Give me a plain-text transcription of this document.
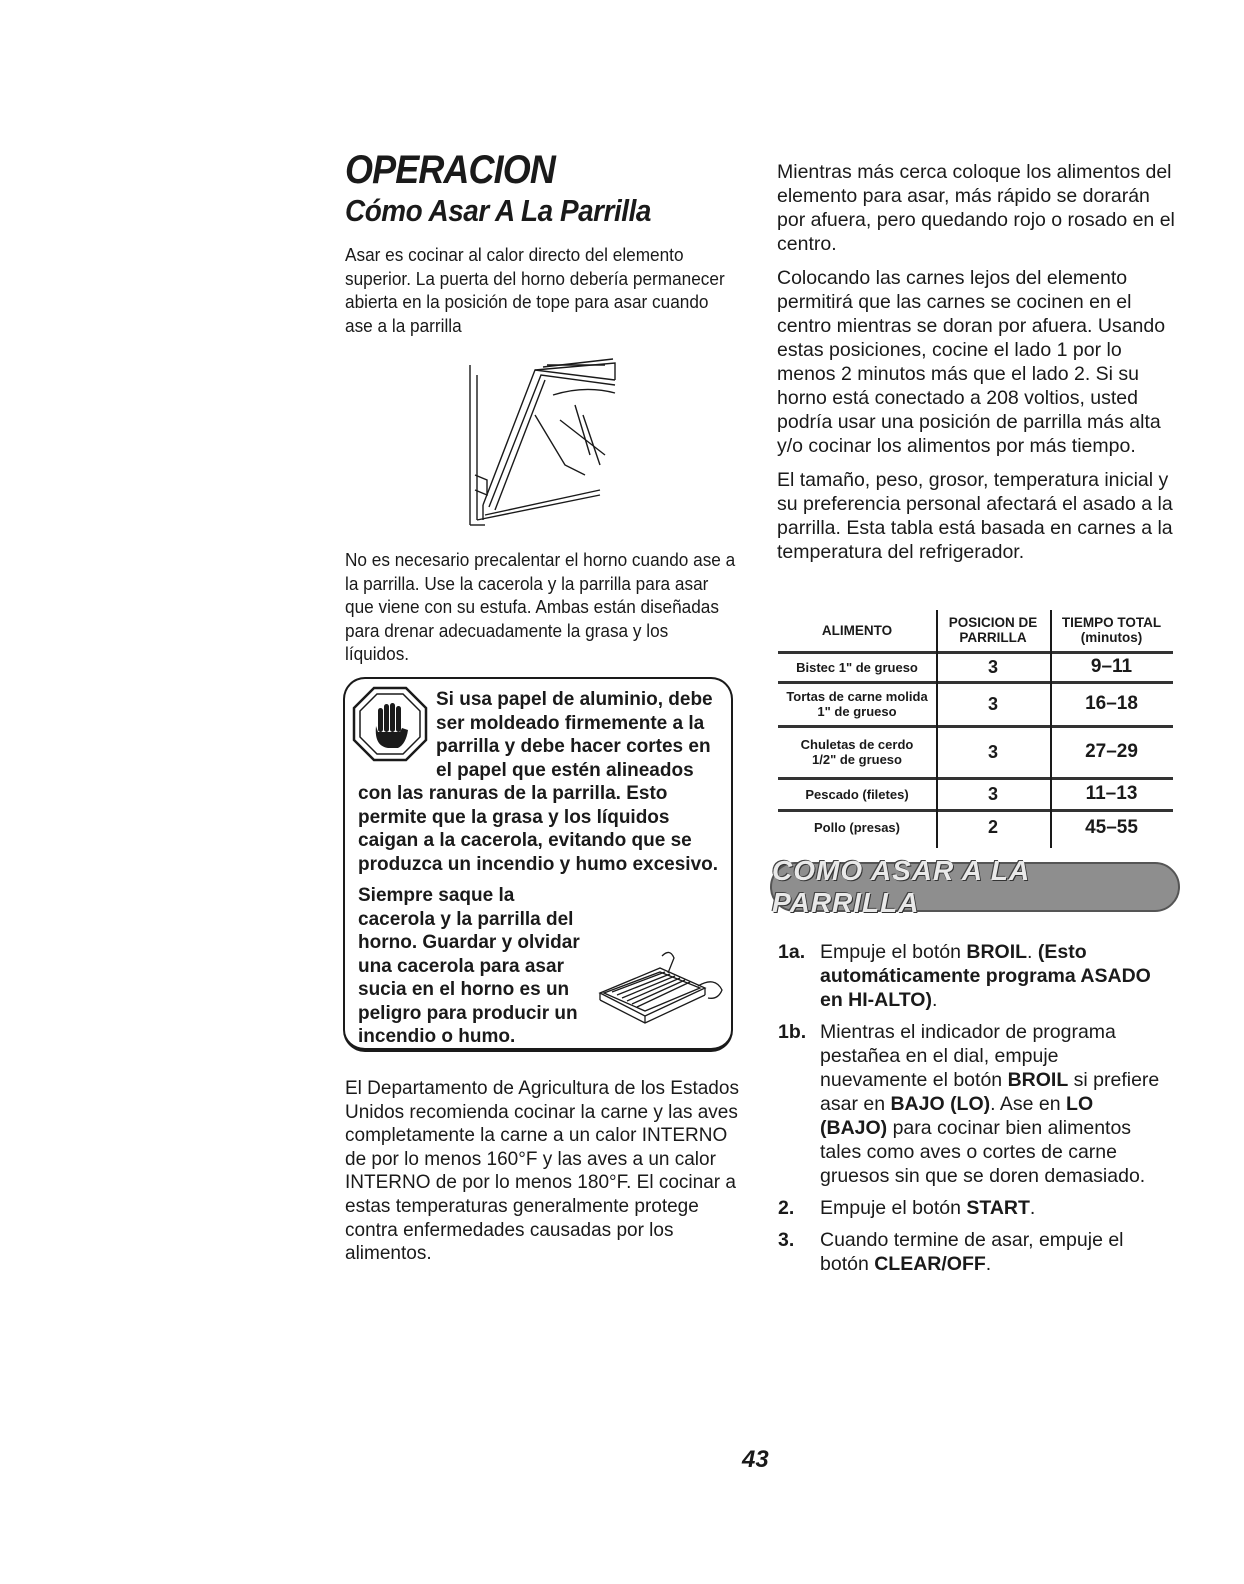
OPERACION
Cómo Asar A La Parrilla

Asar es cocinar al calor directo del elemento superior. La puerta del horno debería permanecer abierta en la posición de tope para asar cuando ase a la parrilla

No es necesario precalentar el horno cuando ase a la parrilla. Use la cacerola y la parrilla para asar que viene con su estufa. Ambas están diseñadas para drenar adecuadamente la grasa y los líquidos.

Si usa papel de aluminio, debe ser moldeado firmemente a la parrilla y debe hacer cortes en el papel que estén alineados con las ranuras de la parrilla. Esto permite que la grasa y los líquidos caigan a la cacerola, evitando que se produzca un incendio y humo excesivo.

Siempre saque la cacerola y la parrilla del horno. Guardar y olvidar una cacerola para asar sucia en el horno es un peligro para producir un incendio o humo.

El Departamento de Agricultura de los Estados Unidos recomienda cocinar la carne y las aves completamente la carne a un calor INTERNO de por lo menos 160°F y las aves a un calor INTERNO de por lo menos 180°F. El cocinar a estas temperaturas generalmente protege contra enfermedades causadas por los alimentos.

Mientras más cerca coloque los alimentos del elemento para asar, más rápido se dorarán por afuera, pero quedando rojo o rosado en el centro.

Colocando las carnes lejos del elemento permitirá que las carnes se cocinen en el centro mientras se doran por afuera. Usando estas posiciones, cocine el lado 1 por lo menos 2 minutos más que el lado 2. Si su horno está conectado a 208 voltios, usted podría usar una posición de parrilla más alta y/o cocinar los alimentos por más tiempo.

El tamaño, peso, grosor, temperatura inicial y su preferencia personal afectará el asado a la parrilla. Esta tabla está basada en carnes a la temperatura del refrigerador.

ALIMENTO	POSICION DE PARRILLA	TIEMPO TOTAL (minutos)
Bistec 1" de grueso	3	9–11
Tortas de carne molida 1" de grueso	3	16–18
Chuletas de cerdo 1/2" de grueso	3	27–29
Pescado (filetes)	3	11–13
Pollo (presas)	2	45–55
COMO ASAR A LA PARRILLA
1a. Empuje el botón BROIL. (Esto automáticamente programa ASADO en HI-ALTO).
1b. Mientras el indicador de programa pestañea en el dial, empuje nuevamente el botón BROIL si prefiere asar en BAJO (LO). Ase en LO (BAJO) para cocinar bien alimentos tales como aves o cortes de carne gruesos sin que se doren demasiado.
2. Empuje el botón START.
3. Cuando termine de asar, empuje el botón CLEAR/OFF.
43
